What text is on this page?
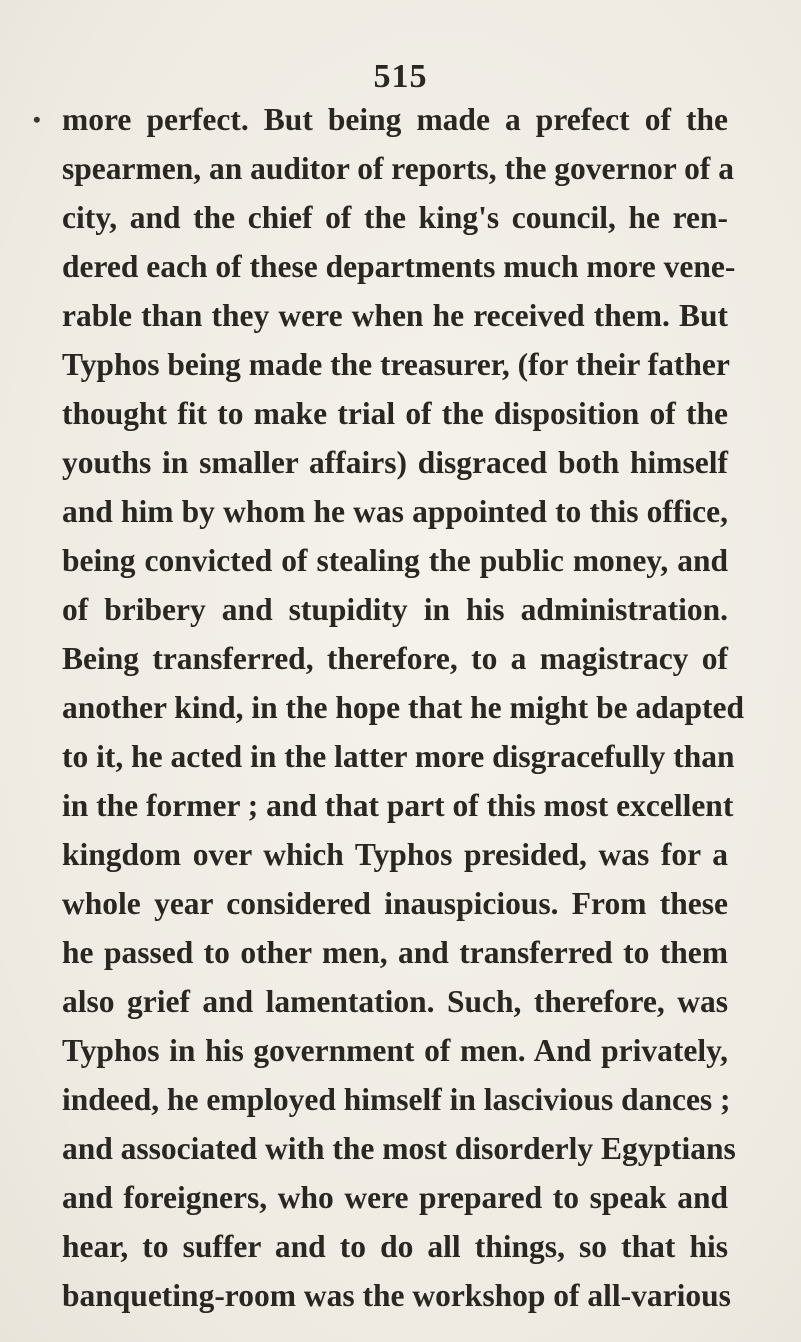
515
• more perfect. But being made a prefect of the
spearmen, an auditor of reports, the governor of a
city, and the chief of the king's council, he ren-
dered each of these departments much more vene-
rable than they were when he received them. But
Typhos being made the treasurer, (for their father
thought fit to make trial of the disposition of the
youths in smaller affairs) disgraced both himself
and him by whom he was appointed to this office,
being convicted of stealing the public money, and
of bribery and stupidity in his administration.
Being transferred, therefore, to a magistracy of
another kind, in the hope that he might be adapted
to it, he acted in the latter more disgracefully than
in the former ; and that part of this most excellent
kingdom over which Typhos presided, was for a
whole year considered inauspicious. From these
he passed to other men, and transferred to them
also grief and lamentation. Such, therefore, was
Typhos in his government of men. And privately,
indeed, he employed himself in lascivious dances ;
and associated with the most disorderly Egyptians
and foreigners, who were prepared to speak and
hear, to suffer and to do all things, so that his
banqueting-room was the workshop of all-various
